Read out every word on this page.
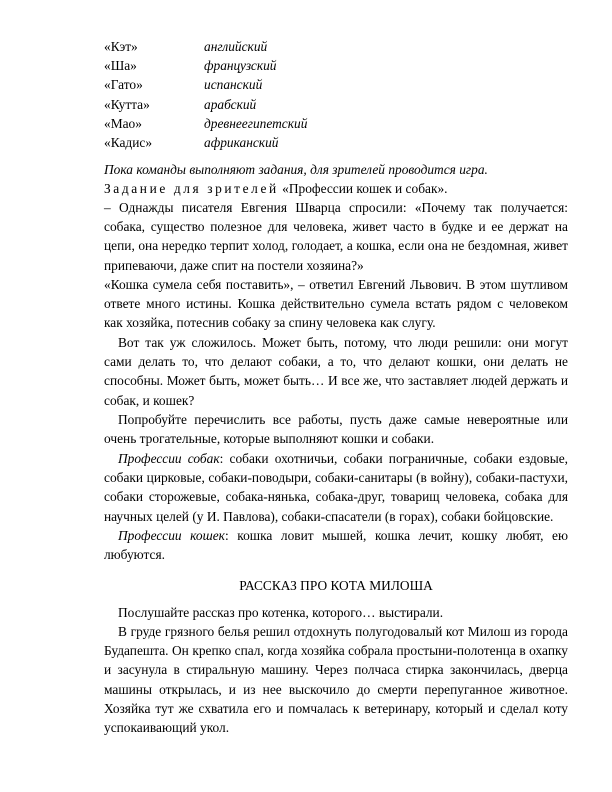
«Кэт»	английский
«Ша»	французский
«Гато»	испанский
«Кутта»	арабский
«Мао»	древнеегипетский
«Кадис»	африканский

Пока команды выполняют задания, для зрителей проводится игра.

Задание для зрителей «Профессии кошек и собак».

– Однажды писателя Евгения Шварца спросили: «Почему так получается: собака, существо полезное для человека, живет часто в будке и ее держат на цепи, она нередко терпит холод, голодает, а кошка, если она не бездомная, живет припеваючи, даже спит на постели хозяина?»

«Кошка сумела себя поставить», – ответил Евгений Львович. В этом шутливом ответе много истины. Кошка действительно сумела встать рядом с человеком как хозяйка, потеснив собаку за спину человека как слугу.

Вот так уж сложилось. Может быть, потому, что люди решили: они могут сами делать то, что делают собаки, а то, что делают кошки, они делать не способны. Может быть, может быть… И все же, что заставляет людей держать и собак, и кошек?

Попробуйте перечислить все работы, пусть даже самые невероятные или очень трогательные, которые выполняют кошки и собаки.

Профессии собак: собаки охотничьи, собаки пограничные, собаки ездовые, собаки цирковые, собаки-поводыри, собаки-санитары (в войну), собаки-пастухи, собаки сторожевые, собака-нянька, собака-друг, товарищ человека, собака для научных целей (у И. Павлова), собаки-спасатели (в горах), собаки бойцовские.

Профессии кошек: кошка ловит мышей, кошка лечит, кошку любят, ею любуются.

РАССКАЗ ПРО КОТА МИЛОША

Послушайте рассказ про котенка, которого… выстирали.

В груде грязного белья решил отдохнуть полугодовалый кот Милош из города Будапешта. Он крепко спал, когда хозяйка собрала простыни-полотенца в охапку и засунула в стиральную машину. Через полчаса стирка закончилась, дверца машины открылась, и из нее выскочило до смерти перепуганное животное. Хозяйка тут же схватила его и помчалась к ветеринару, который и сделал коту успокаивающий укол.
